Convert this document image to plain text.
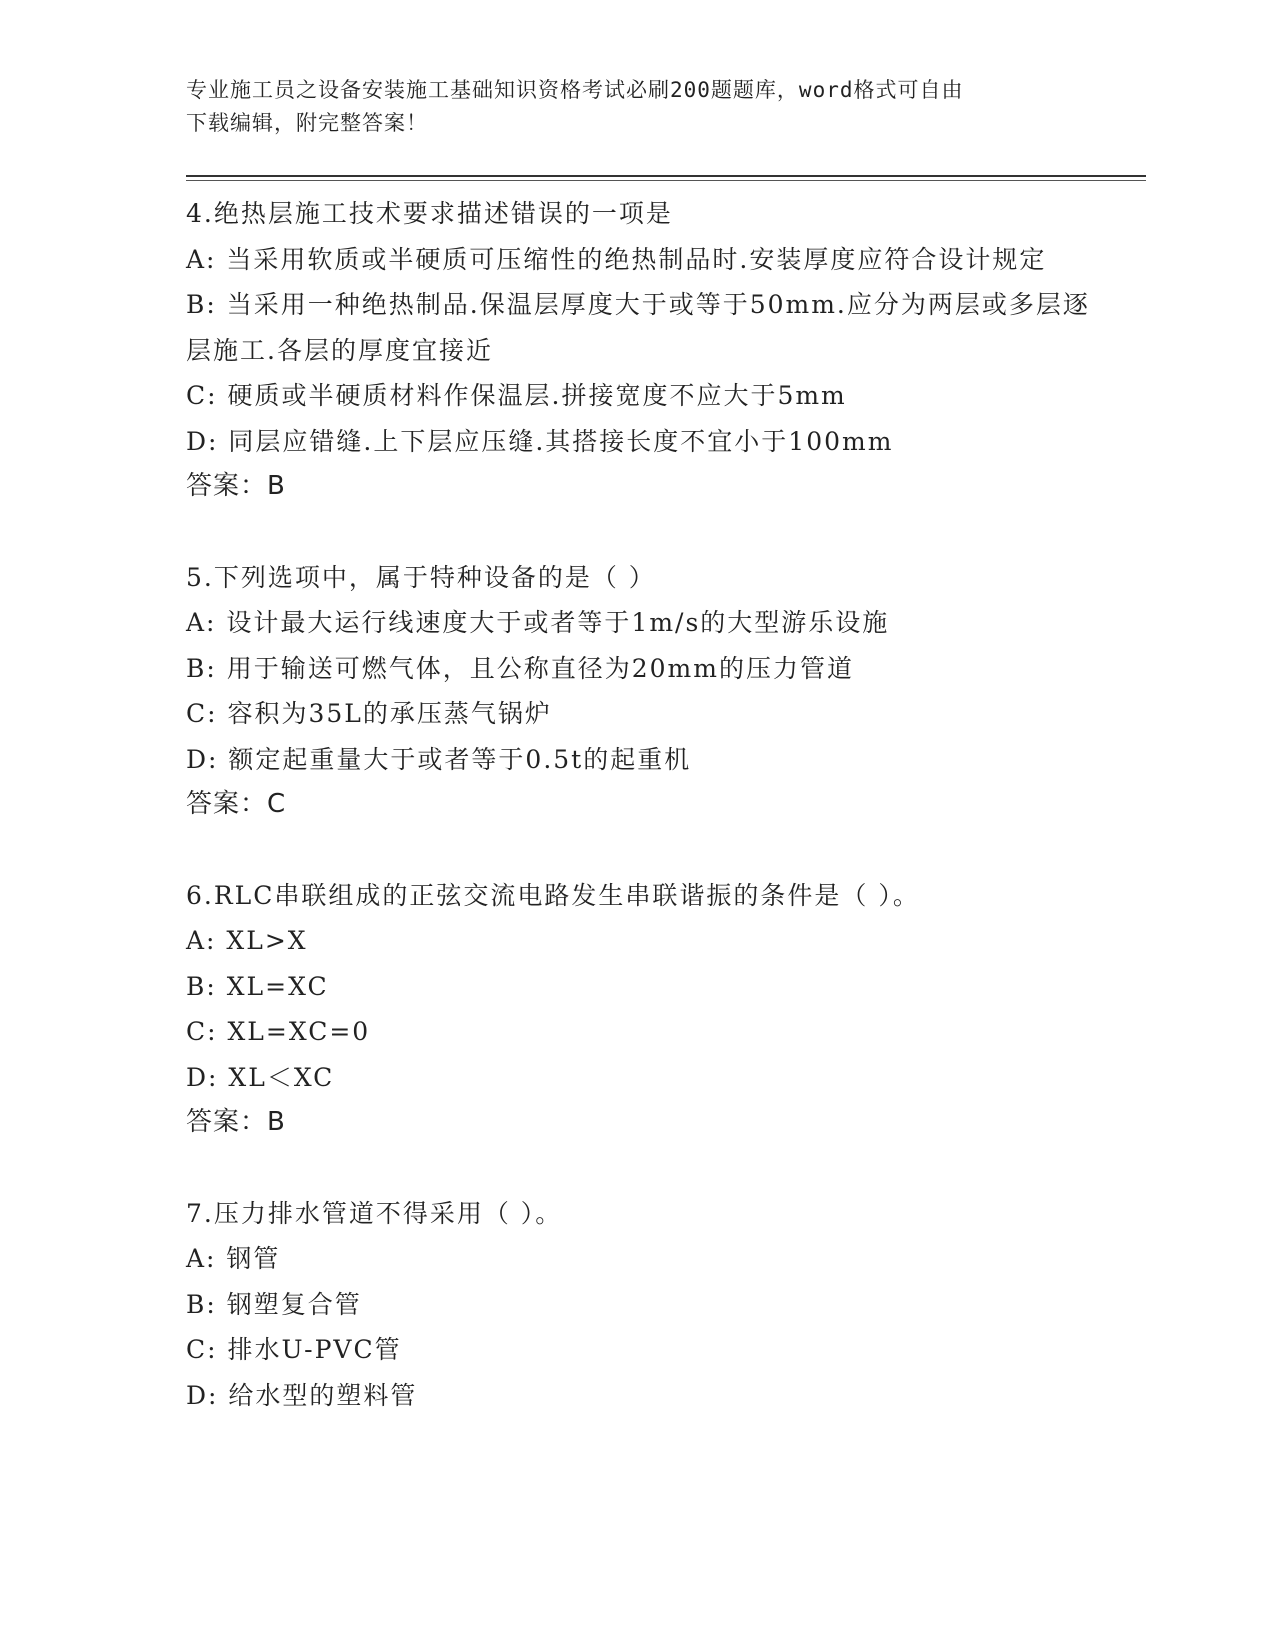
专业施工员之设备安装施工基础知识资格考试必刷200题题库，word格式可自由
下载编辑，附完整答案！
4.绝热层施工技术要求描述错误的一项是
A: 当采用软质或半硬质可压缩性的绝热制品时.安装厚度应符合设计规定
B: 当采用一种绝热制品.保温层厚度大于或等于50mm.应分为两层或多层逐层施工.各层的厚度宜接近
C: 硬质或半硬质材料作保温层.拼接宽度不应大于5mm
D: 同层应错缝.上下层应压缝.其搭接长度不宜小于100mm
答案：B
5.下列选项中，属于特种设备的是（ ）
A: 设计最大运行线速度大于或者等于1m/s的大型游乐设施
B: 用于输送可燃气体，且公称直径为20mm的压力管道
C: 容积为35L的承压蒸气锅炉
D: 额定起重量大于或者等于0.5t的起重机
答案：C
6.RLC串联组成的正弦交流电路发生串联谐振的条件是（ ）。
A: XL>X
B: XL=XC
C: XL=XC=0
D: XL＜XC
答案：B
7.压力排水管道不得采用（ ）。
A: 钢管
B: 钢塑复合管
C: 排水U-PVC管
D: 给水型的塑料管
